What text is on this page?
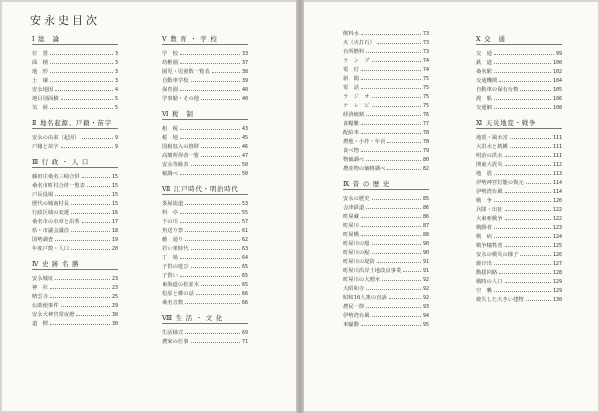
安永史目次
Ⅰ 総　論
位　置	3
面　積	3
地　形	3
土　壌	3
安永地図	4
地目別面積	5
気　候	5
Ⅱ 地名起源、戸籍・苗字
安永の由来（起因）	9
戸籍と苗字	9
Ⅲ 行 政 ・ 人 口
藤田庄桑名三崎合併	15
桑名市町村合併一覧表	15
戸長役場	15
歴代の城南村長	15
行政区域の変遷	16
桑名市の市章と沿革	17
県・市議会議員	18
国勢調査	19
年度戸数・人口	20
Ⅳ 史 跡 名 勝
安永城址	23
神　社	23
晴雲寺	25
伝助使事件	29
安永大神宮常夜燈	30
道　標	30
Ⅴ 教 育 ・ 学 校
学　校	33
幼稚園	37
園児・児童数一覧表	38
自動車学校	39
保育園	40
学事勤・その他	40
Ⅵ 税　制
租　税	43
税　地	45
国税収入の推移	46
高額所得者一覧	47
安永等級表	50
税調べ	50
Ⅶ 江戸時代・明治時代
茶屋街道	53
料　亭	55
下の川	57
魚送り祭	61
藪　通り	62
若い衆時代	63
丁　場	64
子供の遊び	65
子貰い	65
東海道の松並木	65
松原と郷の話	66
桑名音数	66
Ⅷ 生 活 ・ 文 化
生活様式	69
農家の仕事	71
飲料水	73
火（火打石）	73
台所燃料	73
ラ　ン　プ	74
電　灯	74
新　聞	75
電　話	75
ラ　ジ　オ	75
テ　レ　ビ	75
経済統制	76
食糧難	77
配給米	78
農地・小作・年貢	78
食べ物	79
物価調べ	80
農産物の価格調べ	82
Ⅸ 昔 の 歴 史
安永の歴史	85
会津鉄道	86
町屋蔵	86
町屋川	87
町屋橋	88
町屋川の船	90
町屋川の鮎	90
町屋川の堤防	91
町屋川沿岸土地改良事業	91
町屋川の大増水	92
大昭和寺	92
昭和16人衆の直訴	92
農民一揆	93
伊勢湾台風	94
米騒動	95
Ⅹ 交　通
交　通	99
鉄　道	100
桑名駅	102
交通機関	104
自動車の保有台数	105
渡　船	106
交通網	108
Ⅺ 天災地変・戦争
地震・風水害	111
大洪水と飢饉	111
明治の洪水	111
関東大震災	112
地　震	113
伊勢神宮灯籠の復元	114
伊勢湾台風	114
戦　争	120
兵隊・出征	122
大東亜戦争	122
戦勝者	123
戦　病	124
戦争犠牲者	125
安永の戦災の様子	126
焼け出	127
動揺回路	128
戦時の人口	129
空　襲	129
焼失した大きい建物	130
